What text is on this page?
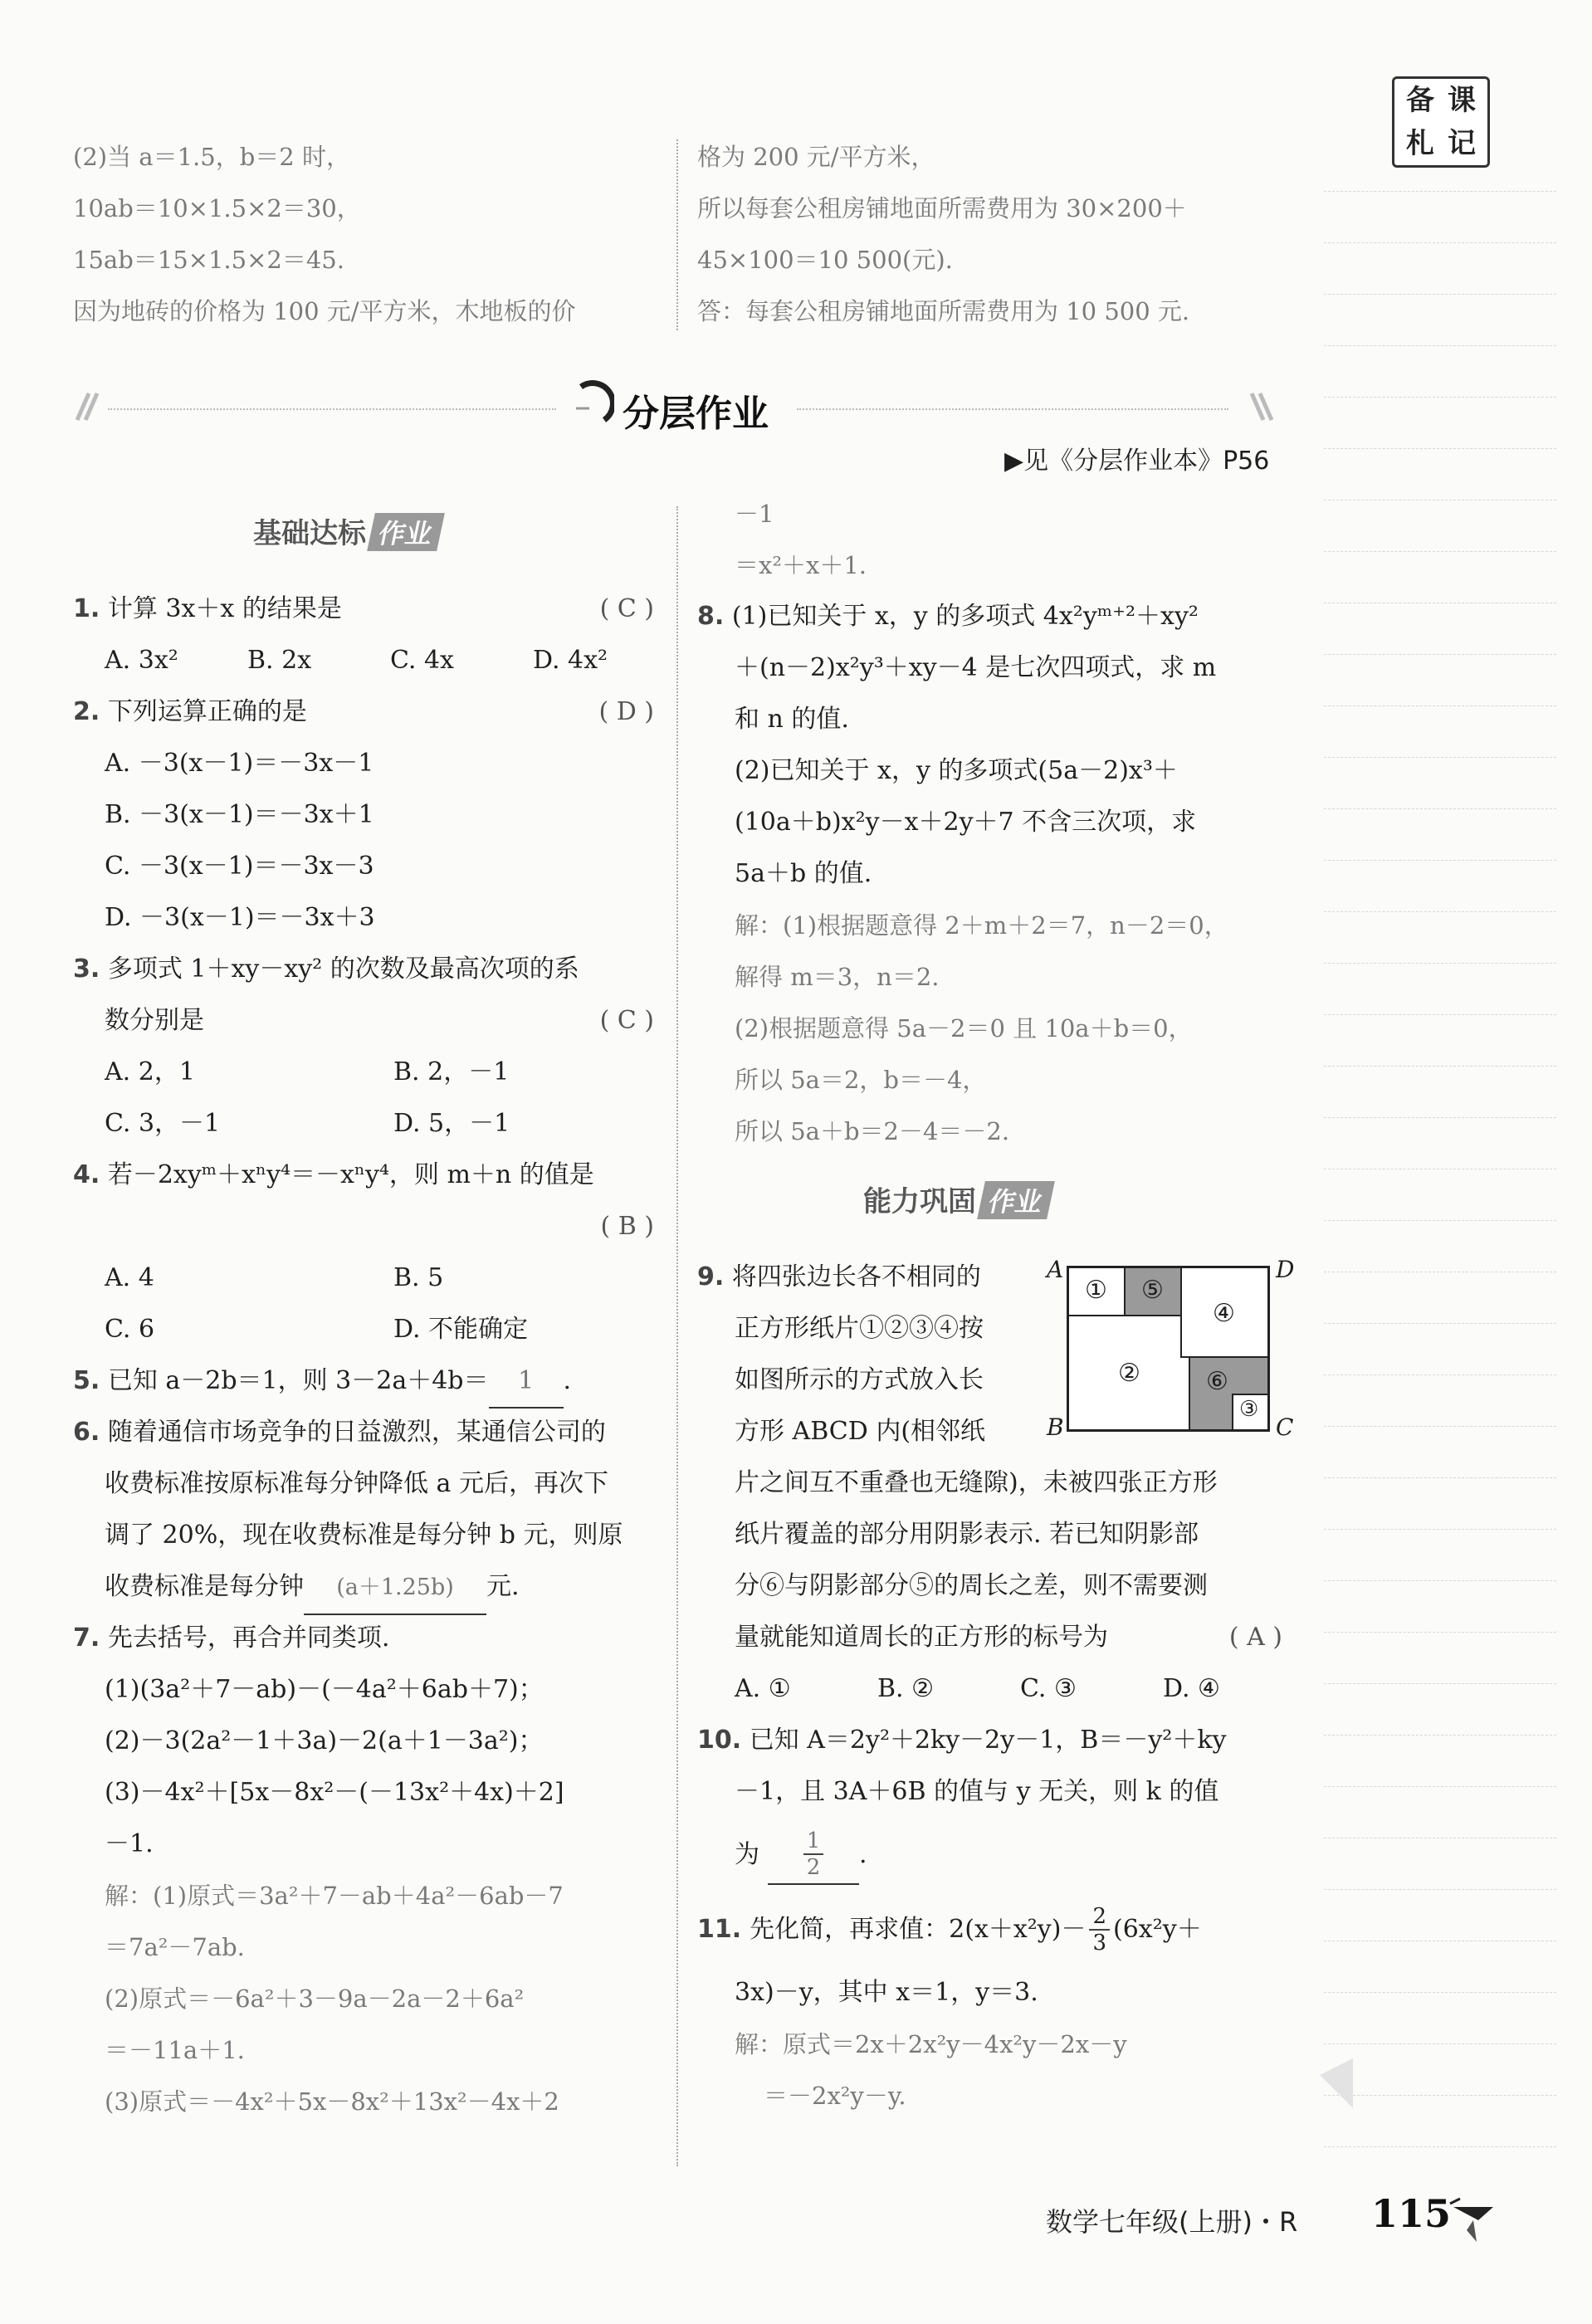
备 课
札 记
(2)当 a＝1.5，b＝2 时，
10ab＝10×1.5×2＝30，
15ab＝15×1.5×2＝45.
因为地砖的价格为 100 元/平方米，木地板的价
格为 200 元/平方米，
所以每套公租房铺地面所需费用为 30×200＋
45×100＝10 500(元).
答：每套公租房铺地面所需费用为 10 500 元.
分层作业
▶见《分层作业本》P56
基础达标 作业
1. 计算 3x＋x 的结果是	( C )
A. 3x²	B. 2x	C. 4x	D. 4x²
2. 下列运算正确的是	( D )
A. －3(x－1)＝－3x－1
B. －3(x－1)＝－3x＋1
C. －3(x－1)＝－3x－3
D. －3(x－1)＝－3x＋3
3. 多项式 1＋xy－xy² 的次数及最高次项的系
数分别是	( C )
A. 2，1	B. 2，－1
C. 3，－1	D. 5，－1
4. 若－2xyᵐ＋xⁿy⁴＝－xⁿy⁴，则 m＋n 的值是
( B )
A. 4	B. 5
C. 6	D. 不能确定
5. 已知 a－2b＝1，则 3－2a＋4b＝ 1 .
6. 随着通信市场竞争的日益激烈，某通信公司的
收费标准按原标准每分钟降低 a 元后，再次下
调了 20%，现在收费标准是每分钟 b 元，则原
收费标准是每分钟 (a＋1.25b) 元.
7. 先去括号，再合并同类项.
(1)(3a²＋7－ab)－(－4a²＋6ab＋7)；
(2)－3(2a²－1＋3a)－2(a＋1－3a²)；
(3)－4x²＋[5x－8x²－(－13x²＋4x)＋2]
－1.
解：(1)原式＝3a²＋7－ab＋4a²－6ab－7
＝7a²－7ab.
(2)原式＝－6a²＋3－9a－2a－2＋6a²
＝－11a＋1.
(3)原式＝－4x²＋5x－8x²＋13x²－4x＋2
－1
＝x²＋x＋1.
8. (1)已知关于 x，y 的多项式 4x²yᵐ⁺²＋xy²
＋(n－2)x²y³＋xy－4 是七次四项式，求 m
和 n 的值.
(2)已知关于 x，y 的多项式(5a－2)x³＋
(10a＋b)x²y－x＋2y＋7 不含三次项，求
5a＋b 的值.
解：(1)根据题意得 2＋m＋2＝7，n－2＝0，
解得 m＝3，n＝2.
(2)根据题意得 5a－2＝0 且 10a＋b＝0，
所以 5a＝2，b＝－4，
所以 5a＋b＝2－4＝－2.
能力巩固 作业
9. 将四张边长各不相同的
正方形纸片①②③④按
如图所示的方式放入长
方形 ABCD 内(相邻纸
片之间互不重叠也无缝隙)，未被四张正方形
纸片覆盖的部分用阴影表示. 若已知阴影部
分⑥与阴影部分⑤的周长之差，则不需要测
量就能知道周长的正方形的标号为	( A )
A. ①	B. ②	C. ③	D. ④
10. 已知 A＝2y²＋2ky－2y－1，B＝－y²＋ky
－1，且 3A＋6B 的值与 y 无关，则 k 的值
为 $\frac{1}{2}$ .
11. 先化简，再求值：$2(x+x^2y)- \frac{2}{3} (6x^2y+$
3x)－y，其中 x＝1，y＝3.
解：原式＝2x＋2x²y－4x²y－2x－y
＝－2x²y－y.
A
B	C
D
① ⑤
④
②	⑥
③
数学七年级(上册)・R 115
